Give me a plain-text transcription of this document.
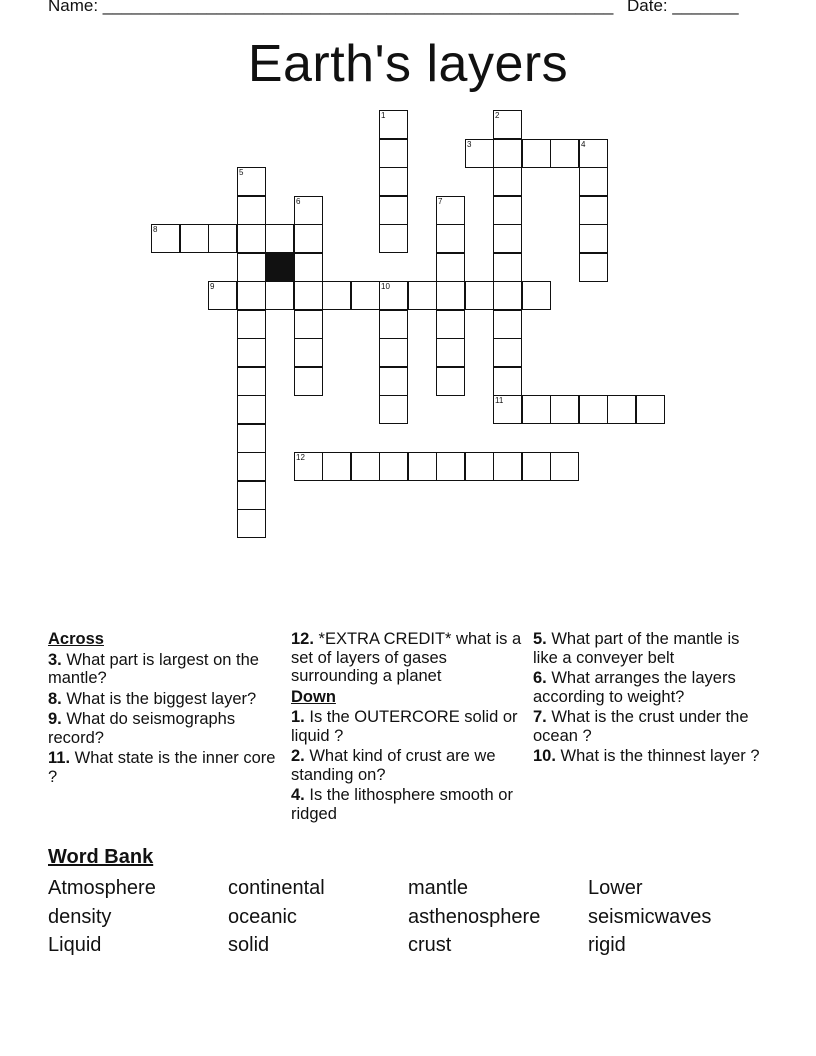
Name: ______________________________________________________ Date: _______
Earth's layers
1	2
3	4
5
6	7
8
9	10
11
12
Across
3. What part is largest on the mantle?
8. What is the biggest layer?
9. What do seismographs record?
11. What state is the inner core ?
12. *EXTRA CREDIT* what is a set of layers of gases surrounding a planet
Down
1. Is the OUTERCORE solid or liquid ?
2. What kind of crust are we standing on?
4. Is the lithosphere smooth or ridged
5. What part of the mantle is like a conveyer belt
6. What arranges the layers according to weight?
7. What is the crust under the ocean ?
10. What is the thinnest layer ?
Word Bank
Atmosphere	continental	mantle	Lower
density	oceanic	asthenosphere	seismicwaves
Liquid	solid	crust	rigid
